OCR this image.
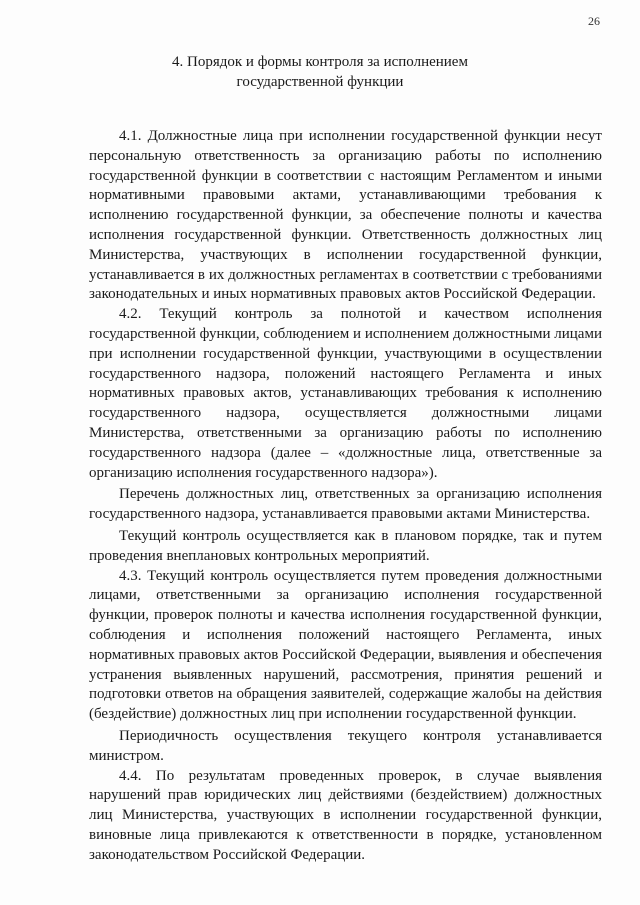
26
4. Порядок и формы контроля за исполнением
государственной функции

4.1. Должностные лица при исполнении государственной функции несут персональную ответственность за организацию работы по исполнению государственной функции в соответствии с настоящим Регламентом и иными нормативными правовыми актами, устанавливающими требования к исполнению государственной функции, за обеспечение полноты и качества исполнения государственной функции. Ответственность должностных лиц Министерства, участвующих в исполнении государственной функции, устанавливается в их должностных регламентах в соответствии с требованиями законодательных и иных нормативных правовых актов Российской Федерации.

4.2. Текущий контроль за полнотой и качеством исполнения государственной функции, соблюдением и исполнением должностными лицами при исполнении государственной функции, участвующими в осуществлении государственного надзора, положений настоящего Регламента и иных нормативных правовых актов, устанавливающих требования к исполнению государственного надзора, осуществляется должностными лицами Министерства, ответственными за организацию работы по исполнению государственного надзора (далее – «должностные лица, ответственные за организацию исполнения государственного надзора»).

Перечень должностных лиц, ответственных за организацию исполнения государственного надзора, устанавливается правовыми актами Министерства.

Текущий контроль осуществляется как в плановом порядке, так и путем проведения внеплановых контрольных мероприятий.

4.3. Текущий контроль осуществляется путем проведения должностными лицами, ответственными за организацию исполнения государственной функции, проверок полноты и качества исполнения государственной функции, соблюдения и исполнения положений настоящего Регламента, иных нормативных правовых актов Российской Федерации, выявления и обеспечения устранения выявленных нарушений, рассмотрения, принятия решений и подготовки ответов на обращения заявителей, содержащие жалобы на действия (бездействие) должностных лиц при исполнении государственной функции.

Периодичность осуществления текущего контроля устанавливается министром.

4.4. По результатам проведенных проверок, в случае выявления нарушений прав юридических лиц действиями (бездействием) должностных лиц Министерства, участвующих в исполнении государственной функции, виновные лица привлекаются к ответственности в порядке, установленном законодательством Российской Федерации.
